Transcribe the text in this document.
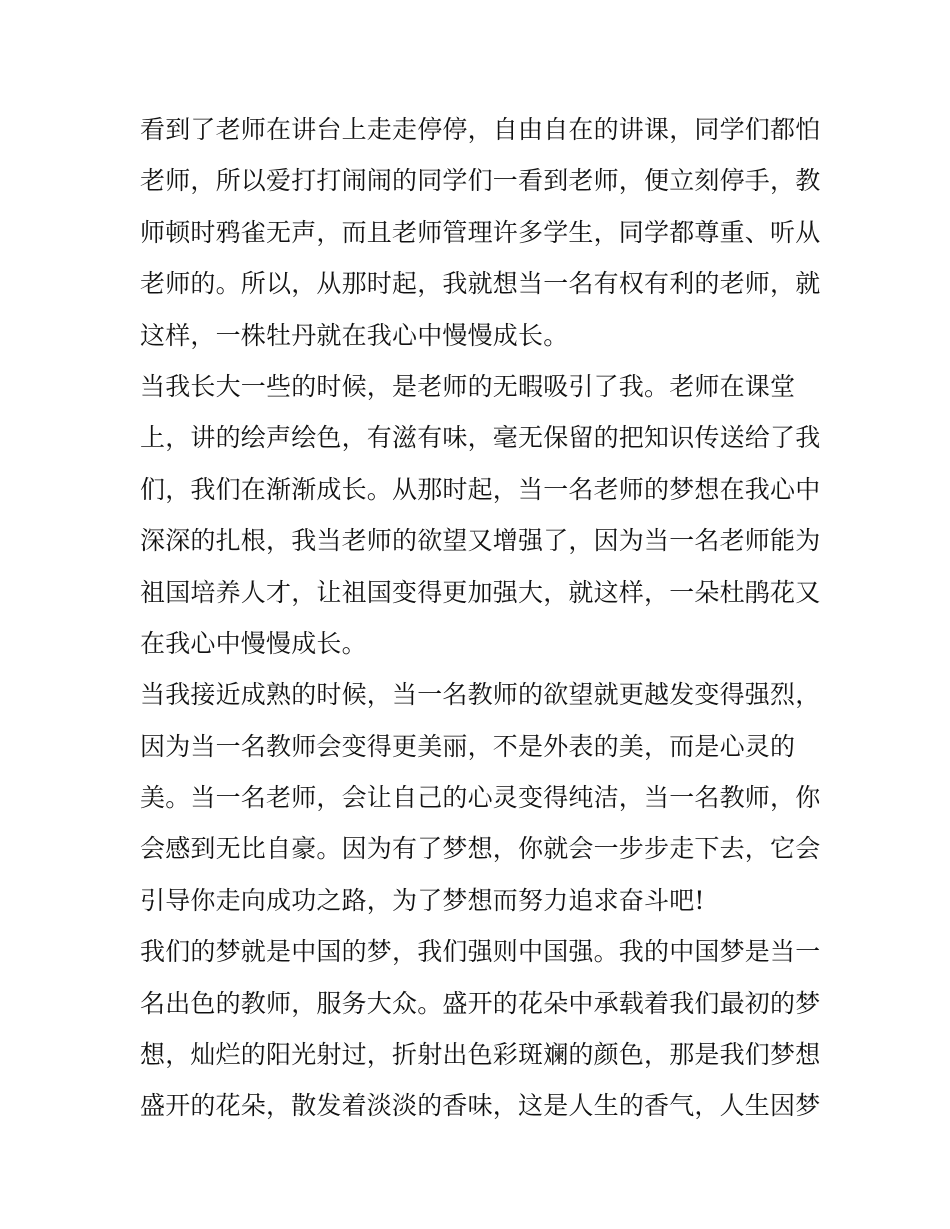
看到了老师在讲台上走走停停，自由自在的讲课，同学们都怕
老师，所以爱打打闹闹的同学们一看到老师，便立刻停手，教
师顿时鸦雀无声，而且老师管理许多学生，同学都尊重、听从
老师的。所以，从那时起，我就想当一名有权有利的老师，就
这样，一株牡丹就在我心中慢慢成长。
当我长大一些的时候，是老师的无暇吸引了我。老师在课堂
上，讲的绘声绘色，有滋有味，毫无保留的把知识传送给了我
们，我们在渐渐成长。从那时起，当一名老师的梦想在我心中
深深的扎根，我当老师的欲望又增强了，因为当一名老师能为
祖国培养人才，让祖国变得更加强大，就这样，一朵杜鹃花又
在我心中慢慢成长。
当我接近成熟的时候，当一名教师的欲望就更越发变得强烈，
因为当一名教师会变得更美丽，不是外表的美，而是心灵的
美。当一名老师，会让自己的心灵变得纯洁，当一名教师，你
会感到无比自豪。因为有了梦想，你就会一步步走下去，它会
引导你走向成功之路，为了梦想而努力追求奋斗吧!
我们的梦就是中国的梦，我们强则中国强。我的中国梦是当一
名出色的教师，服务大众。盛开的花朵中承载着我们最初的梦
想，灿烂的阳光射过，折射出色彩斑斓的颜色，那是我们梦想
盛开的花朵，散发着淡淡的香味，这是人生的香气，人生因梦
